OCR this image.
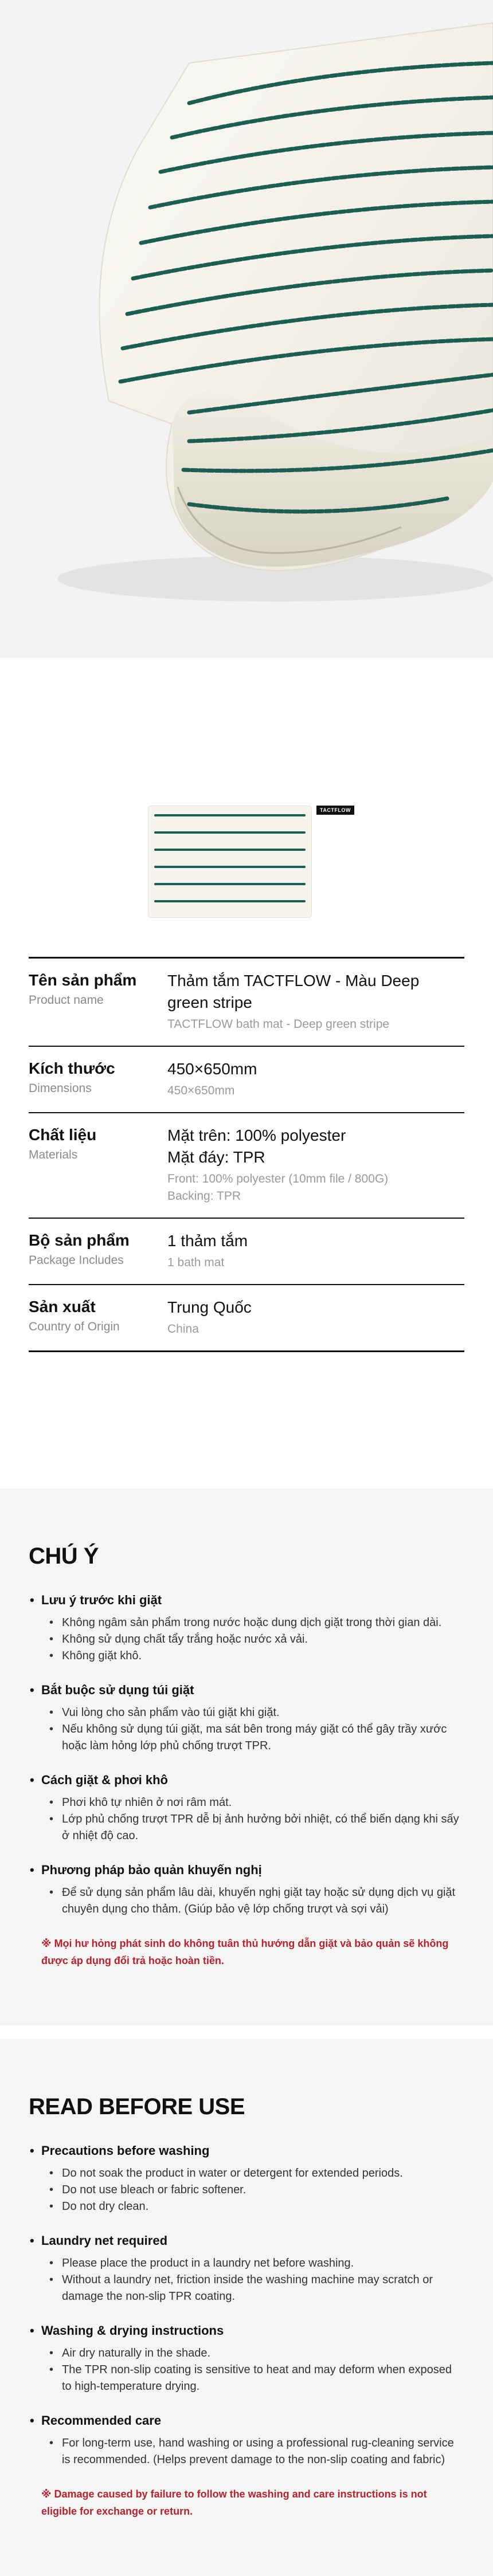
TACTFLOW
Tên sản phẩm
Product name
Thảm tắm TACTFLOW - Màu Deep green stripe
TACTFLOW bath mat - Deep green stripe
Kích thước
Dimensions
450×650mm
450×650mm
Chất liệu
Materials
Mặt trên: 100% polyester
Mặt đáy: TPR
Front: 100% polyester (10mm file / 800G)
Backing: TPR
Bộ sản phẩm
Package Includes
1 thảm tắm
1 bath mat
Sản xuất
Country of Origin
Trung Quốc
China
CHÚ Ý
• Lưu ý trước khi giặt
• Không ngâm sản phẩm trong nước hoặc dung dịch giặt trong thời gian dài.
• Không sử dụng chất tẩy trắng hoặc nước xả vải.
• Không giặt khô.
• Bắt buộc sử dụng túi giặt
• Vui lòng cho sản phẩm vào túi giặt khi giặt.
• Nếu không sử dụng túi giặt, ma sát bên trong máy giặt có thể gây trầy xước hoặc làm hỏng lớp phủ chống trượt TPR.
• Cách giặt & phơi khô
• Phơi khô tự nhiên ở nơi râm mát.
• Lớp phủ chống trượt TPR dễ bị ảnh hưởng bởi nhiệt, có thể biến dạng khi sấy ở nhiệt độ cao.
• Phương pháp bảo quản khuyến nghị
• Để sử dụng sản phẩm lâu dài, khuyến nghị giặt tay hoặc sử dụng dịch vụ giặt chuyên dụng cho thảm. (Giúp bảo vệ lớp chống trượt và sợi vải)

※ Mọi hư hỏng phát sinh do không tuân thủ hướng dẫn giặt và bảo quản sẽ không được áp dụng đổi trả hoặc hoàn tiền.

READ BEFORE USE
• Precautions before washing
• Do not soak the product in water or detergent for extended periods.
• Do not use bleach or fabric softener.
• Do not dry clean.
• Laundry net required
• Please place the product in a laundry net before washing.
• Without a laundry net, friction inside the washing machine may scratch or damage the non-slip TPR coating.
• Washing & drying instructions
• Air dry naturally in the shade.
• The TPR non-slip coating is sensitive to heat and may deform when exposed to high-temperature drying.
• Recommended care
• For long-term use, hand washing or using a professional rug-cleaning service is recommended. (Helps prevent damage to the non-slip coating and fabric)

※ Damage caused by failure to follow the washing and care instructions is not eligible for exchange or return.
